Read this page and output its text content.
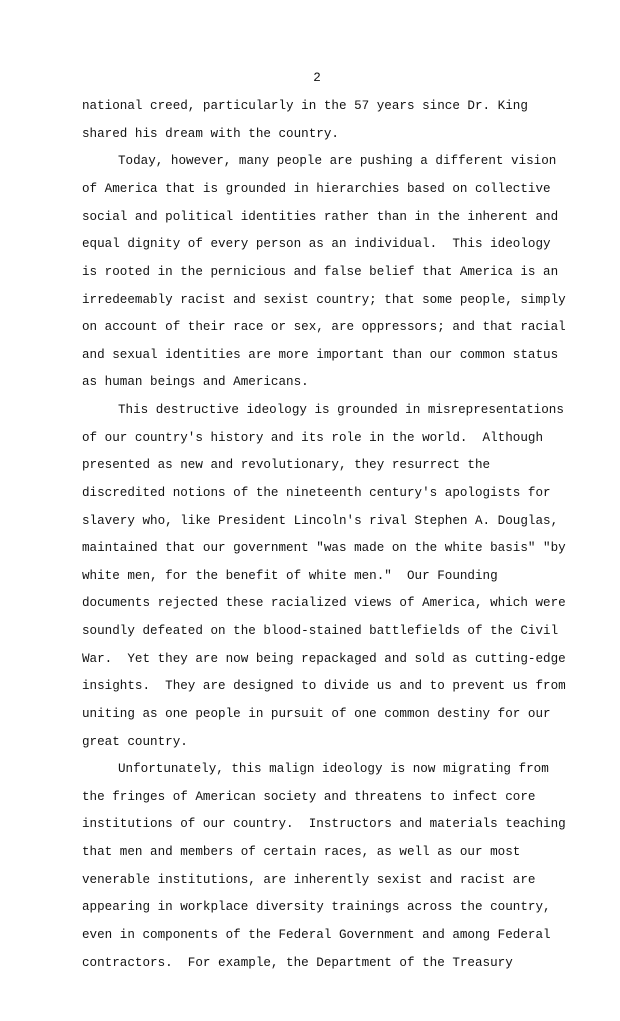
2
national creed, particularly in the 57 years since Dr. King
shared his dream with the country.
Today, however, many people are pushing a different vision
of America that is grounded in hierarchies based on collective
social and political identities rather than in the inherent and
equal dignity of every person as an individual.  This ideology
is rooted in the pernicious and false belief that America is an
irredeemably racist and sexist country; that some people, simply
on account of their race or sex, are oppressors; and that racial
and sexual identities are more important than our common status
as human beings and Americans.
This destructive ideology is grounded in misrepresentations
of our country's history and its role in the world.  Although
presented as new and revolutionary, they resurrect the
discredited notions of the nineteenth century's apologists for
slavery who, like President Lincoln's rival Stephen A. Douglas,
maintained that our government "was made on the white basis" "by
white men, for the benefit of white men."  Our Founding
documents rejected these racialized views of America, which were
soundly defeated on the blood-stained battlefields of the Civil
War.  Yet they are now being repackaged and sold as cutting-edge
insights.  They are designed to divide us and to prevent us from
uniting as one people in pursuit of one common destiny for our
great country.
Unfortunately, this malign ideology is now migrating from
the fringes of American society and threatens to infect core
institutions of our country.  Instructors and materials teaching
that men and members of certain races, as well as our most
venerable institutions, are inherently sexist and racist are
appearing in workplace diversity trainings across the country,
even in components of the Federal Government and among Federal
contractors.  For example, the Department of the Treasury
